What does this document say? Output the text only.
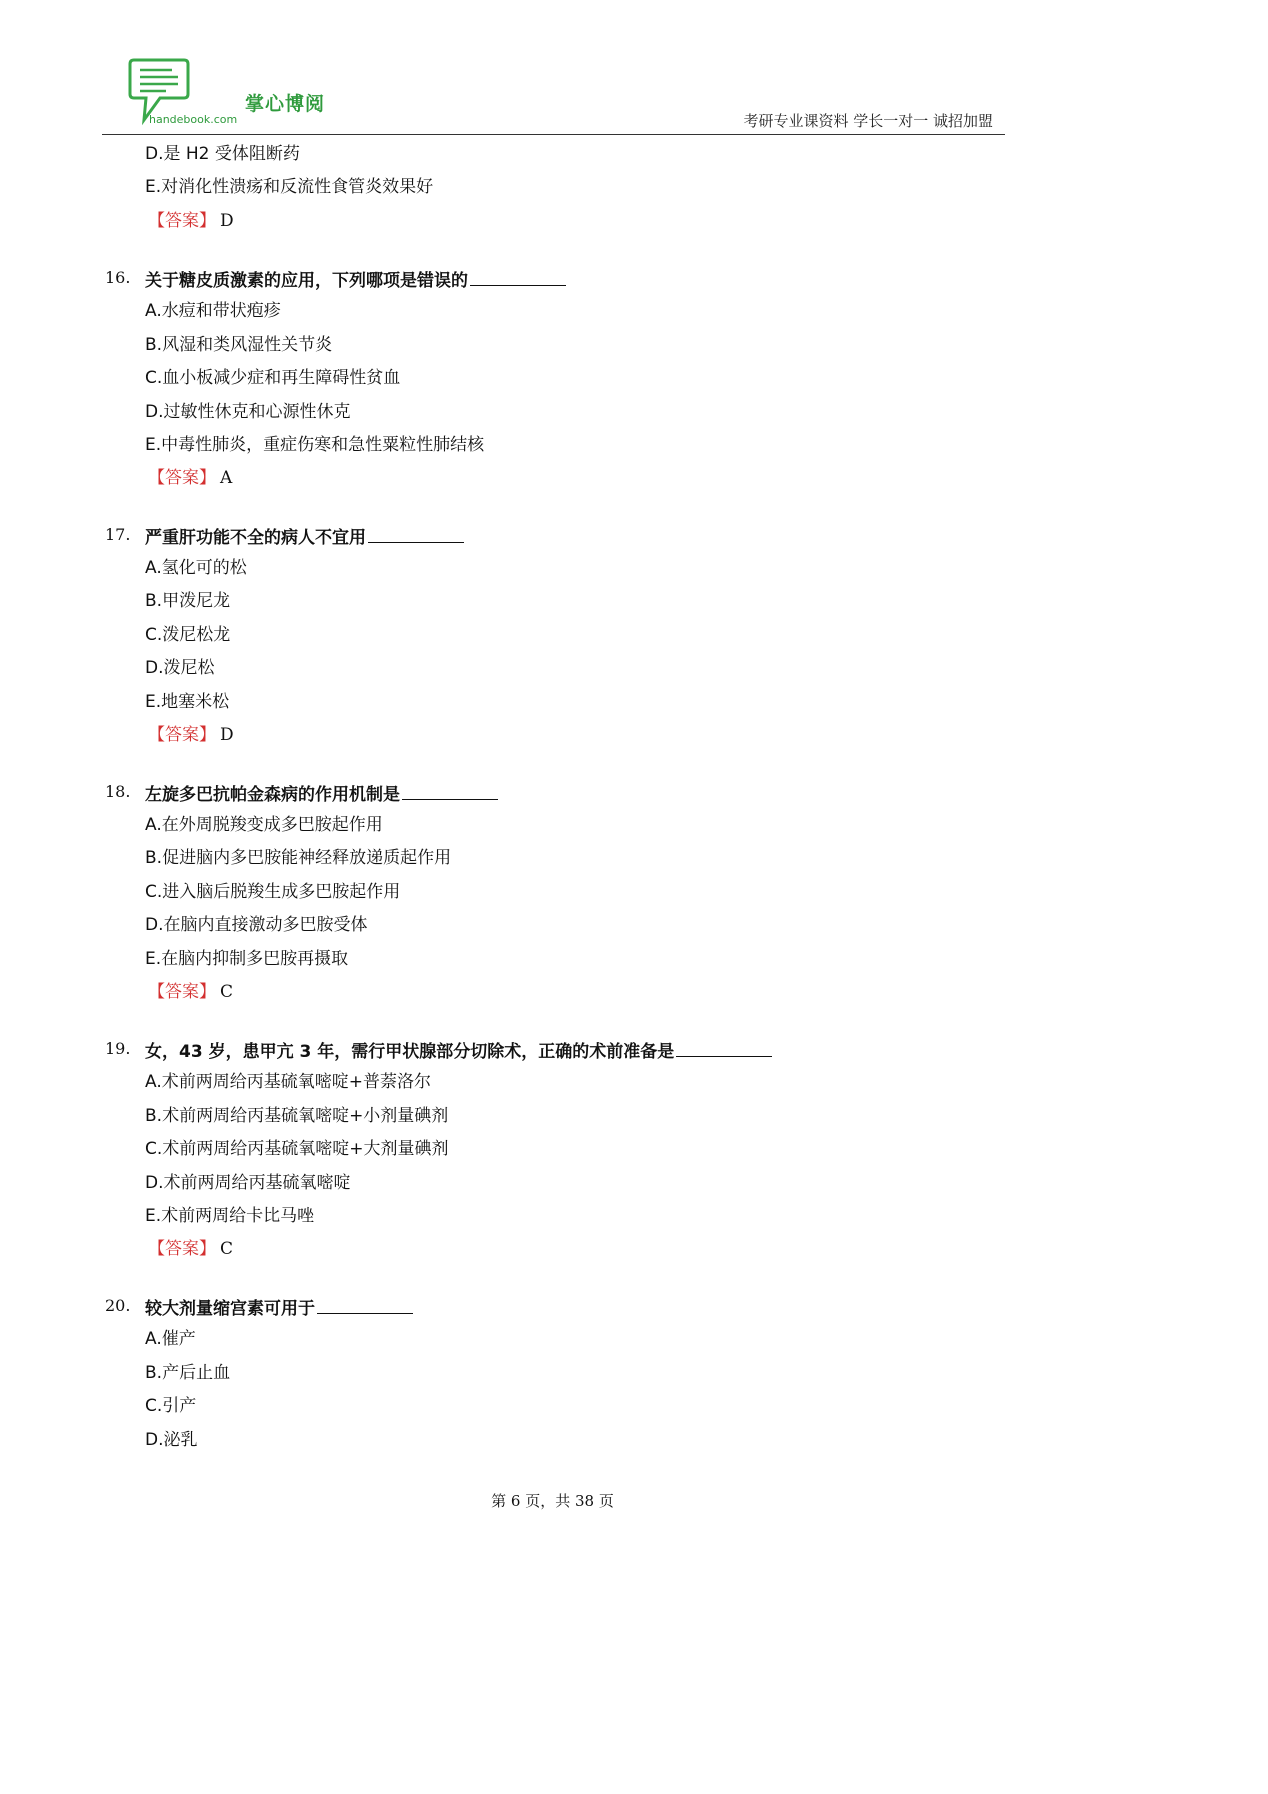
掌心博阅
handebook.com	考研专业课资料 学长一对一 诚招加盟
D.是 H2 受体阻断药
E.对消化性溃疡和反流性食管炎效果好
【答案】 D
16. 关于糖皮质激素的应用，下列哪项是错误的
A.水痘和带状疱疹
B.风湿和类风湿性关节炎
C.血小板减少症和再生障碍性贫血
D.过敏性休克和心源性休克
E.中毒性肺炎，重症伤寒和急性粟粒性肺结核
【答案】 A
17. 严重肝功能不全的病人不宜用
A.氢化可的松
B.甲泼尼龙
C.泼尼松龙
D.泼尼松
E.地塞米松
【答案】 D
18. 左旋多巴抗帕金森病的作用机制是
A.在外周脱羧变成多巴胺起作用
B.促进脑内多巴胺能神经释放递质起作用
C.进入脑后脱羧生成多巴胺起作用
D.在脑内直接激动多巴胺受体
E.在脑内抑制多巴胺再摄取
【答案】 C
19. 女，43 岁，患甲亢 3 年，需行甲状腺部分切除术，正确的术前准备是
A.术前两周给丙基硫氧嘧啶+普萘洛尔
B.术前两周给丙基硫氧嘧啶+小剂量碘剂
C.术前两周给丙基硫氧嘧啶+大剂量碘剂
D.术前两周给丙基硫氧嘧啶
E.术前两周给卡比马唑
【答案】 C
20. 较大剂量缩宫素可用于
A.催产
B.产后止血
C.引产
D.泌乳
第 6 页，共 38 页
